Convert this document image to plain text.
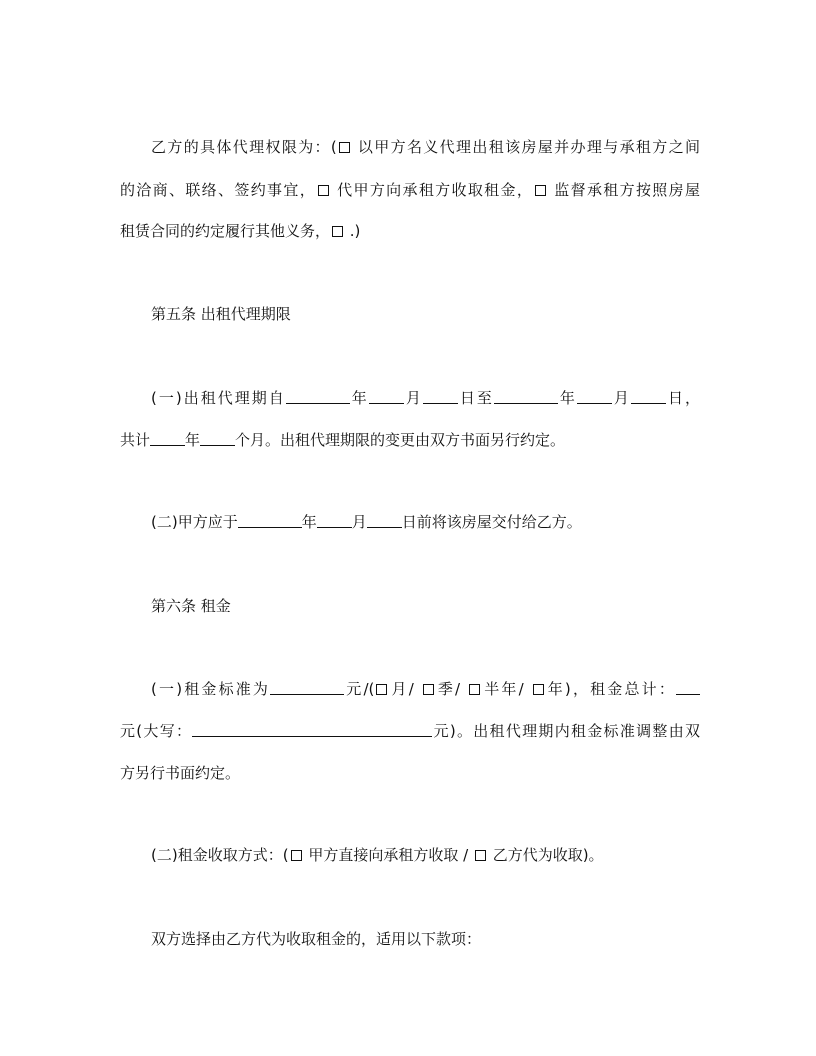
乙方的具体代理权限为：( 以甲方名义代理出租该房屋并办理与承租方之间
的洽商、联络、签约事宜， 代甲方向承租方收取租金， 监督承租方按照房屋
租赁合同的约定履行其他义务， .)
第五条 出租代理期限
(一)出租代理期自	年 月 日至	年 月 日，
共计 年 个月。出租代理期限的变更由双方书面另行约定。
(二)甲方应于	年 月 日前将该房屋交付给乙方。
第六条 租金
(一)租金标准为	元/( 月/ 季/ 半年/ 年)，租金总计：
元(大写：	元)。出租代理期内租金标准调整由双
方另行书面约定。
(二)租金收取方式：( 甲方直接向承租方收取 /  乙方代为收取)。
双方选择由乙方代为收取租金的，适用以下款项：
